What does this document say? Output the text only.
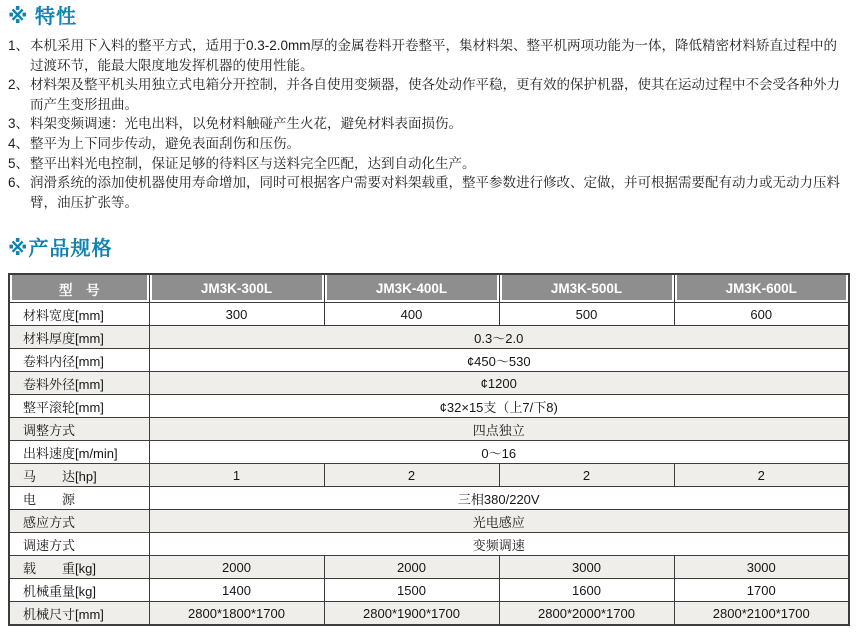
※ 特性
1、 本机采用下入料的整平方式，适用于0.3-2.0mm厚的金属卷料开卷整平，集材料架、整平机两项功能为一体，降低精密材料矫直过程中的过渡环节，能最大限度地发挥机器的使用性能。
2、 材料架及整平机头用独立式电箱分开控制，并各自使用变频器，使各处动作平稳，更有效的保护机器，使其在运动过程中不会受各种外力而产生变形扭曲。
3、 料架变频调速：光电出料，以免材料触碰产生火花，避免材料表面损伤。
4、 整平为上下同步传动，避免表面刮伤和压伤。
5、 整平出料光电控制，保证足够的待料区与送料完全匹配，达到自动化生产。
6、 润滑系统的添加使机器使用寿命增加，同时可根据客户需要对料架载重，整平参数进行修改、定做，并可根据需要配有动力或无动力压料臂，油压扩张等。
※产品规格
型　号	JM3K-300L	JM3K-400L	JM3K-500L	JM3K-600L
材料宽度[mm]	300	400	500	600
材料厚度[mm]	0.3～2.0			
卷料内径[mm]	¢450～530			
卷料外径[mm]	¢1200			
整平滚轮[mm]	¢32×15支（上7/下8)			
调整方式	四点独立			
出料速度[m/min]	0～16			
马　　达[hp]	1	2	2	2
电　　源	三相380/220V			
感应方式	光电感应			
调速方式	变频调速			
载　　重[kg]	2000	2000	3000	3000
机械重量[kg]	1400	1500	1600	1700
机械尺寸[mm]	2800*1800*1700	2800*1900*1700	2800*2000*1700	2800*2100*1700
